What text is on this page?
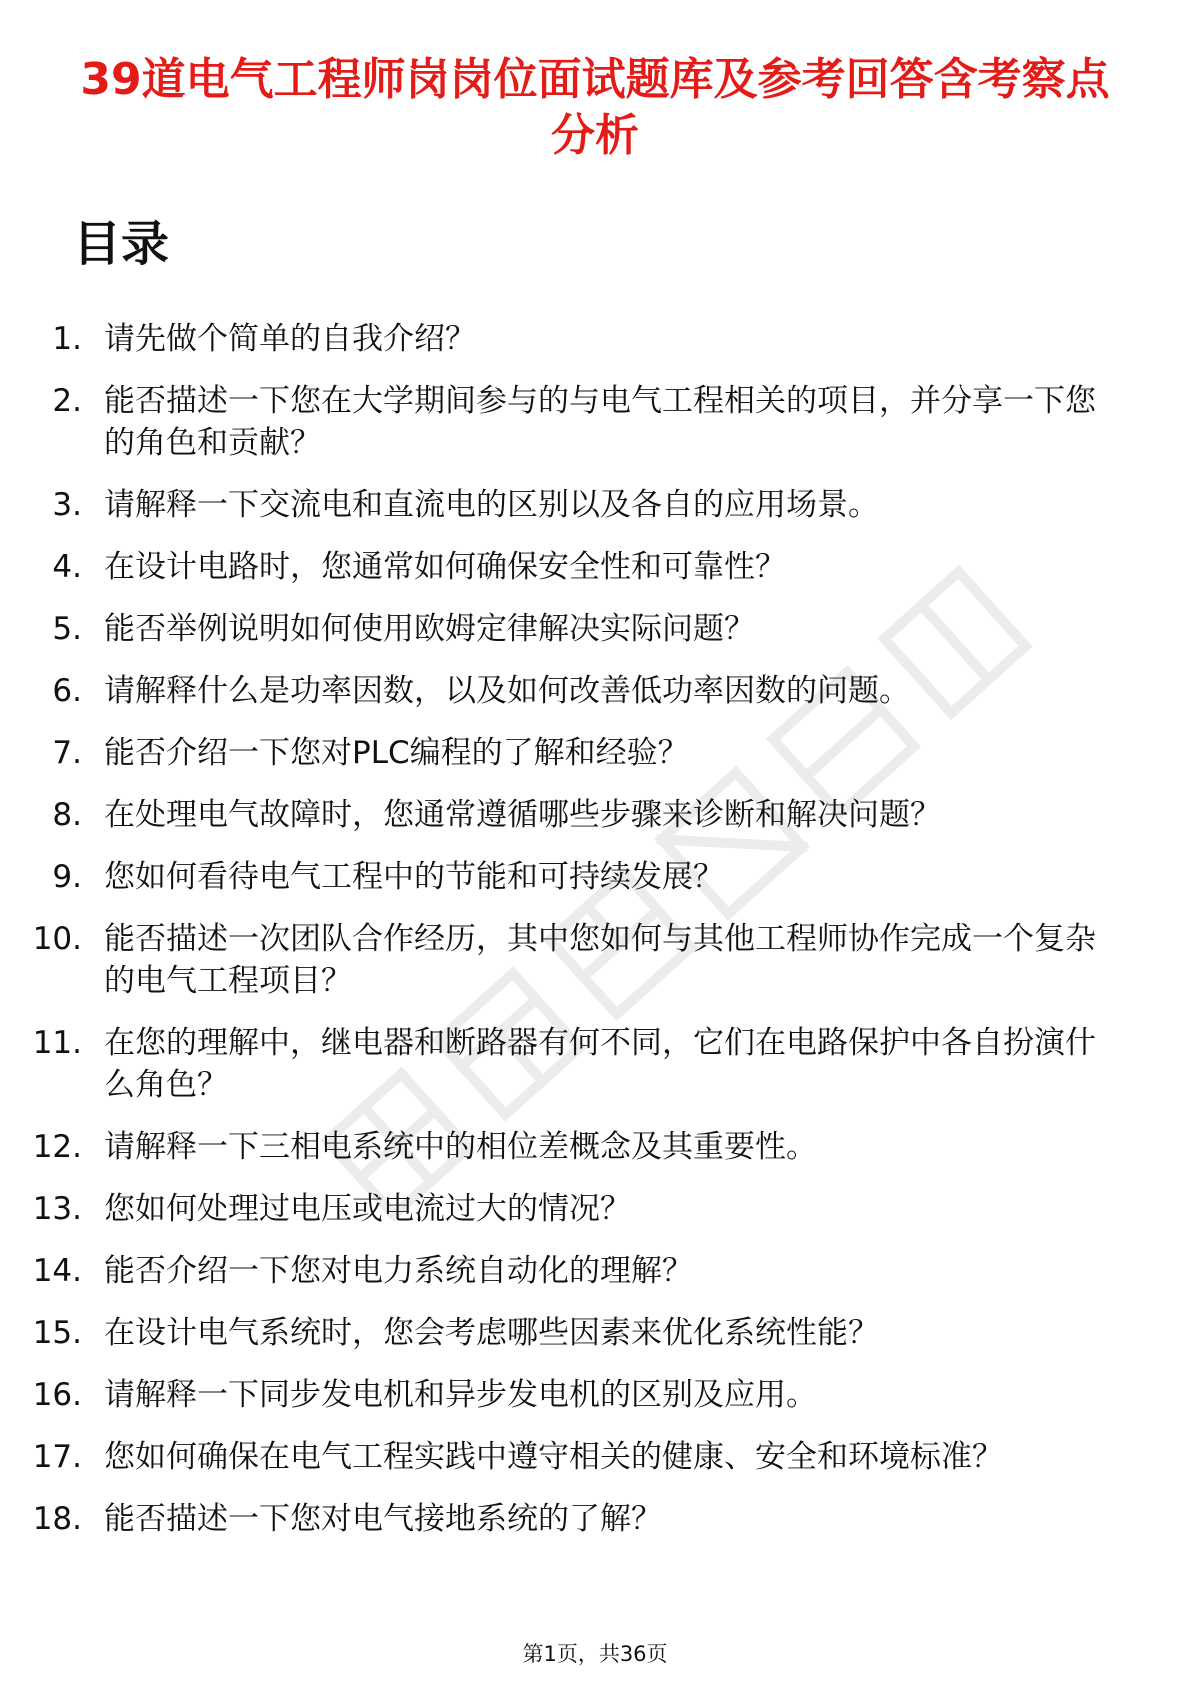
39道电气工程师岗岗位面试题库及参考回答含考察点分析
目录
1. 请先做个简单的自我介绍？
2. 能否描述一下您在大学期间参与的与电气工程相关的项目，并分享一下您的角色和贡献？
3. 请解释一下交流电和直流电的区别以及各自的应用场景。
4. 在设计电路时，您通常如何确保安全性和可靠性？
5. 能否举例说明如何使用欧姆定律解决实际问题？
6. 请解释什么是功率因数，以及如何改善低功率因数的问题。
7. 能否介绍一下您对PLC编程的了解和经验？
8. 在处理电气故障时，您通常遵循哪些步骤来诊断和解决问题？
9. 您如何看待电气工程中的节能和可持续发展？
10. 能否描述一次团队合作经历，其中您如何与其他工程师协作完成一个复杂的电气工程项目？
11. 在您的理解中，继电器和断路器有何不同，它们在电路保护中各自扮演什么角色？
12. 请解释一下三相电系统中的相位差概念及其重要性。
13. 您如何处理过电压或电流过大的情况？
14. 能否介绍一下您对电力系统自动化的理解？
15. 在设计电气系统时，您会考虑哪些因素来优化系统性能？
16. 请解释一下同步发电机和异步发电机的区别及应用。
17. 您如何确保在电气工程实践中遵守相关的健康、安全和环境标准？
18. 能否描述一下您对电气接地系统的了解？
第1页，共36页
